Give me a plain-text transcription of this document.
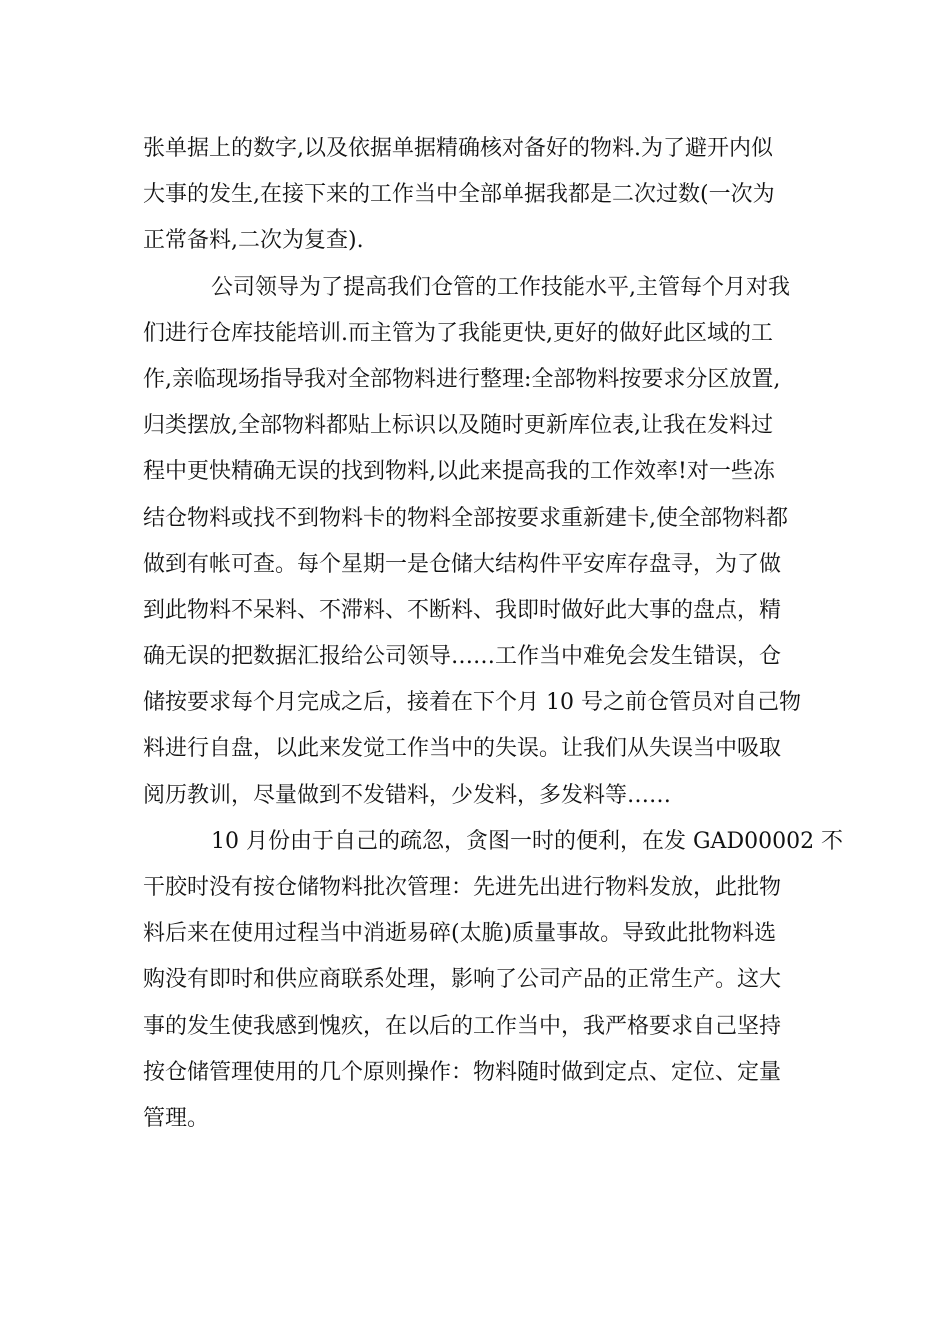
张单据上的数字,以及依据单据精确核对备好的物料.为了避开内似
大事的发生,在接下来的工作当中全部单据我都是二次过数(一次为
正常备料,二次为复查).
公司领导为了提高我们仓管的工作技能水平,主管每个月对我
们进行仓库技能培训.而主管为了我能更快,更好的做好此区域的工
作,亲临现场指导我对全部物料进行整理:全部物料按要求分区放置,
归类摆放,全部物料都贴上标识以及随时更新库位表,让我在发料过
程中更快精确无误的找到物料,以此来提高我的工作效率!对一些冻
结仓物料或找不到物料卡的物料全部按要求重新建卡,使全部物料都
做到有帐可查。每个星期一是仓储大结构件平安库存盘寻，为了做
到此物料不呆料、不滞料、不断料、我即时做好此大事的盘点，精
确无误的把数据汇报给公司领导……工作当中难免会发生错误，仓
储按要求每个月完成之后，接着在下个月 10 号之前仓管员对自己物
料进行自盘，以此来发觉工作当中的失误。让我们从失误当中吸取
阅历教训，尽量做到不发错料，少发料，多发料等……
10 月份由于自己的疏忽，贪图一时的便利，在发 GAD00002 不
干胶时没有按仓储物料批次管理：先进先出进行物料发放，此批物
料后来在使用过程当中消逝易碎(太脆)质量事故。导致此批物料选
购没有即时和供应商联系处理，影响了公司产品的正常生产。这大
事的发生使我感到愧疚，在以后的工作当中，我严格要求自己坚持
按仓储管理使用的几个原则操作：物料随时做到定点、定位、定量
管理。
